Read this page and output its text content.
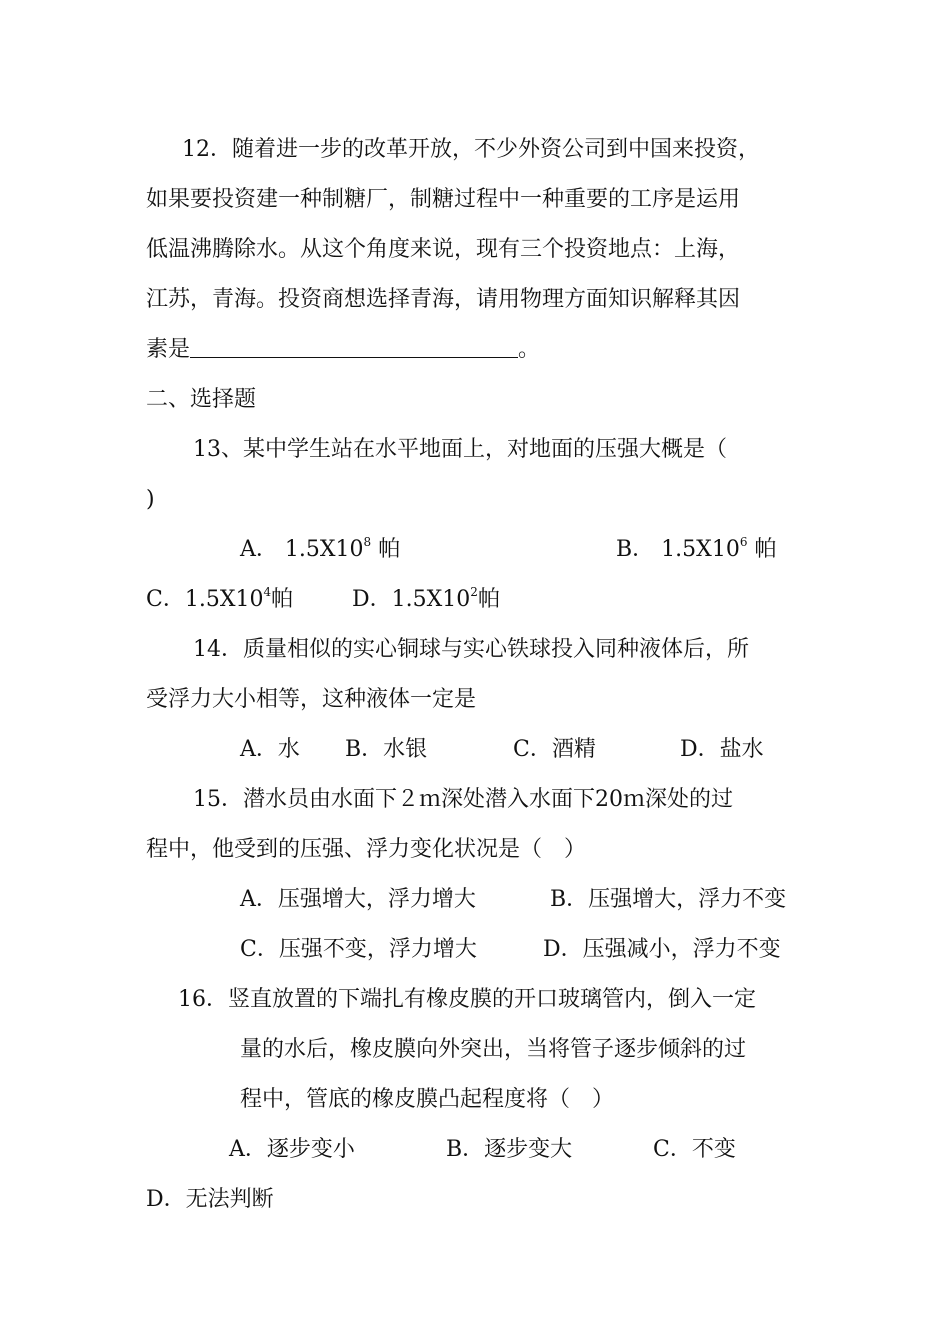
12．随着进一步的改革开放，不少外资公司到中国来投资，
如果要投资建一种制糖厂，制糖过程中一种重要的工序是运用
低温沸腾除水。从这个角度来说，现有三个投资地点：上海，
江苏，青海。投资商想选择青海，请用物理方面知识解释其因
素是	。
二、选择题
13、某中学生站在水平地面上，对地面的压强大概是（
)
A． $1.5X10^8$ 帕	B． $1.5X10^6$ 帕
C．$1.5X10^4$帕	D．$1.5X10^2$帕
14．质量相似的实心铜球与实心铁球投入同种液体后，所
受浮力大小相等，这种液体一定是
A．水 B．水银	C．酒精	D．盐水
15．潜水员由水面下２ｍ深处潜入水面下20ｍ深处的过
程中，他受到的压强、浮力变化状况是（　）
A．压强增大，浮力增大	B．压强增大，浮力不变
C．压强不变，浮力增大	D．压强减小，浮力不变
16．竖直放置的下端扎有橡皮膜的开口玻璃管内，倒入一定
量的水后，橡皮膜向外突出，当将管子逐步倾斜的过
程中，管底的橡皮膜凸起程度将（　）
A．逐步变小	B．逐步变大	C．不变
D．无法判断
